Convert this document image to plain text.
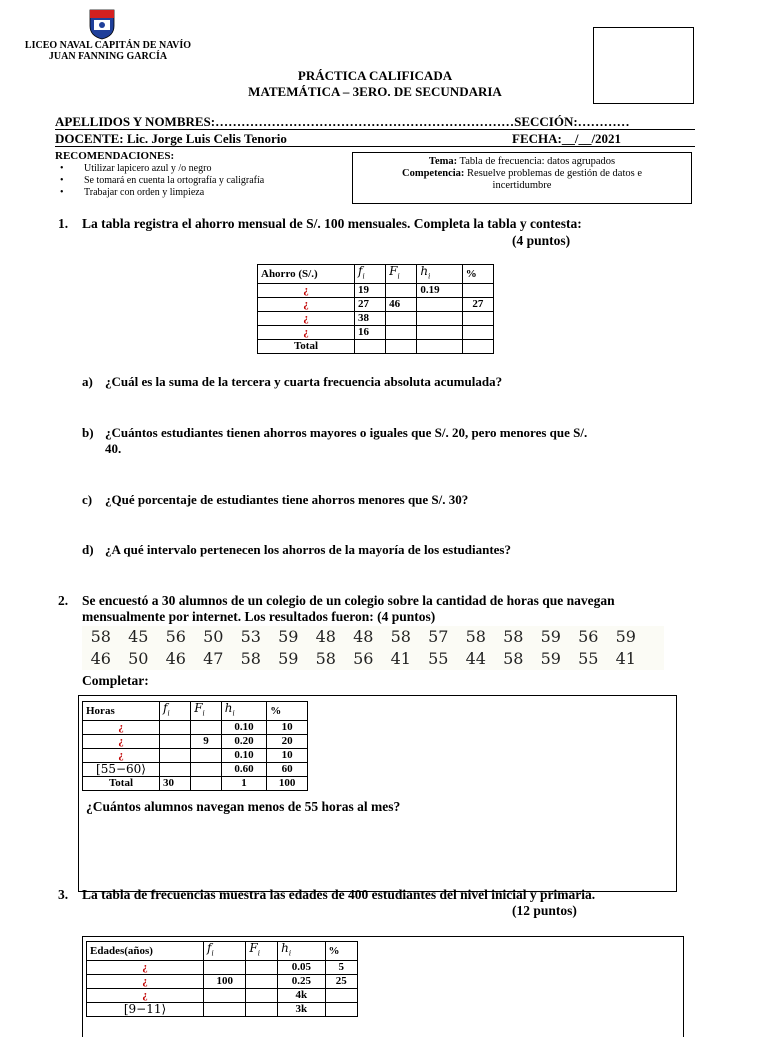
LICEO NAVAL CAPITÁN DE NAVÍO
JUAN FANNING GARCÍA
PRÁCTICA CALIFICADA
MATEMÁTICA – 3ERO. DE SECUNDARIA
APELLIDOS Y NOMBRES:……………………………………………………………SECCIÓN:…………
DOCENTE: Lic. Jorge Luis Celis Tenorio	FECHA:__/__/2021
RECOMENDACIONES:
• Utilizar lapicero azul y /o negro
• Se tomará en cuenta la ortografía y caligrafía
• Trabajar con orden y limpieza
Tema: Tabla de frecuencia: datos agrupados
Competencia: Resuelve problemas de gestión de datos e
incertidumbre
1. La tabla registra el ahorro mensual de S/. 100 mensuales. Completa la tabla y contesta:
(4 puntos)
Ahorro (S/.)	$f_i$	$F_i$	$h_i$	%
¿	19		0.19	
¿	27	46		27
¿	38			
¿	16			
Total				
a) ¿Cuál es la suma de la tercera y cuarta frecuencia absoluta acumulada?
b) ¿Cuántos estudiantes tienen ahorros mayores o iguales que S/. 20, pero menores que S/.
40.
c) ¿Qué porcentaje de estudiantes tiene ahorros menores que S/. 30?
d) ¿A qué intervalo pertenecen los ahorros de la mayoría de los estudiantes?
2. Se encuestó a 30 alumnos de un colegio de un colegio sobre la cantidad de horas que navegan
mensualmente por internet. Los resultados fueron: (4 puntos)
58	45	56	50	53	59	48	48	58	57	58	58	59	56	59
46	50	46	47	58	59	58	56	41	55	44	58	59	55	41
Completar:
Horas	$f_i$	$F_i$	$h_i$	%
¿			0.10	10
¿		9	0.20	20
¿			0.10	10
[55−60⟩			0.60	60
Total	30		1	100
¿Cuántos alumnos navegan menos de 55 horas al mes?
3. La tabla de frecuencias muestra las edades de 400 estudiantes del nivel inicial y primaria.
(12 puntos)
Edades(años)	$f_i$	$F_i$	$h_i$	%
¿			0.05	5
¿	100		0.25	25
¿			4k	
[9−11⟩			3k	
